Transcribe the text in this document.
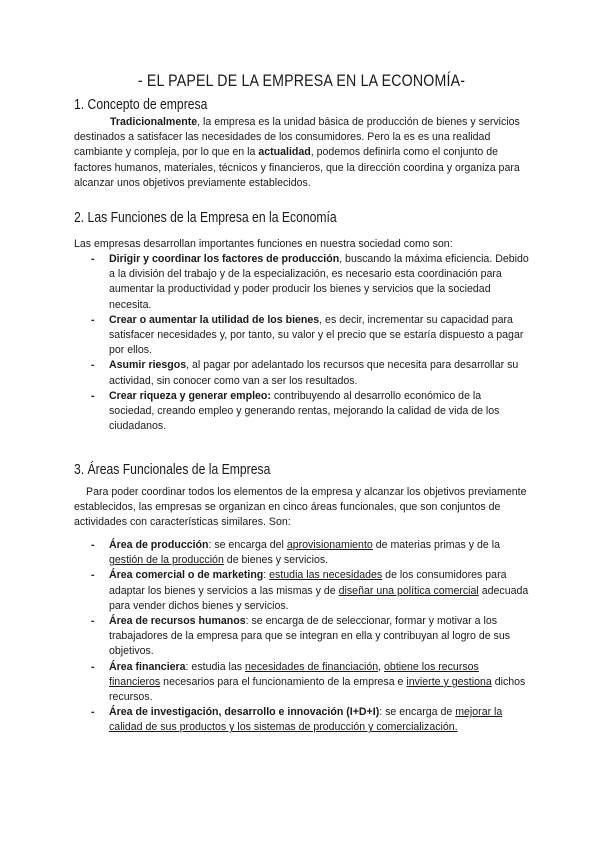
- EL PAPEL DE LA EMPRESA EN LA ECONOMÍA-
1. Concepto de empresa

Tradicionalmente, la empresa es la unidad básica de producción de bienes y servicios destinados a satisfacer las necesidades de los consumidores. Pero la es es una realidad cambiante y compleja, por lo que en la actualidad, podemos definirla como el conjunto de factores humanos, materiales, técnicos y financieros, que la dirección coordina y organiza para alcanzar unos objetivos previamente establecidos.

2. Las Funciones de la Empresa en la Economía

Las empresas desarrollan importantes funciones en nuestra sociedad como son:

- Dirigir y coordinar los factores de producción, buscando la máxima eficiencia. Debido a la división del trabajo y de la especialización, es necesario esta coordinación para aumentar la productividad y poder producir los bienes y servicios que la sociedad necesita.
- Crear o aumentar la utilidad de los bienes, es decir, incrementar su capacidad para satisfacer necesidades y, por tanto, su valor y el precio que se estaría dispuesto a pagar por ellos.
- Asumir riesgos, al pagar por adelantado los recursos que necesita para desarrollar su actividad, sin conocer como van a ser los resultados.
- Crear riqueza y generar empleo: contribuyendo al desarrollo económico de la sociedad, creando empleo y generando rentas, mejorando la calidad de vida de los ciudadanos.
3. Áreas Funcionales de la Empresa

Para poder coordinar todos los elementos de la empresa y alcanzar los objetivos previamente establecidos, las empresas se organizan en cinco áreas funcionales, que son conjuntos de actividades con características similares. Son:

- Área de producción: se encarga del aprovisionamiento de materias primas y de la gestión de la producción de bienes y servicios.
- Área comercial o de marketing: estudia las necesidades de los consumidores para adaptar los bienes y servicios a las mismas y de diseñar una política comercial adecuada para vender dichos bienes y servicios.
- Área de recursos humanos: se encarga de de seleccionar, formar y motivar a los trabajadores de la empresa para que se integran en ella y contribuyan al logro de sus objetivos.
- Área financiera: estudia las necesidades de financiación, obtiene los recursos financieros necesarios para el funcionamiento de la empresa e invierte y gestiona dichos recursos.
- Área de investigación, desarrollo e innovación (I+D+I): se encarga de mejorar la calidad de sus productos y los sistemas de producción y comercialización.
